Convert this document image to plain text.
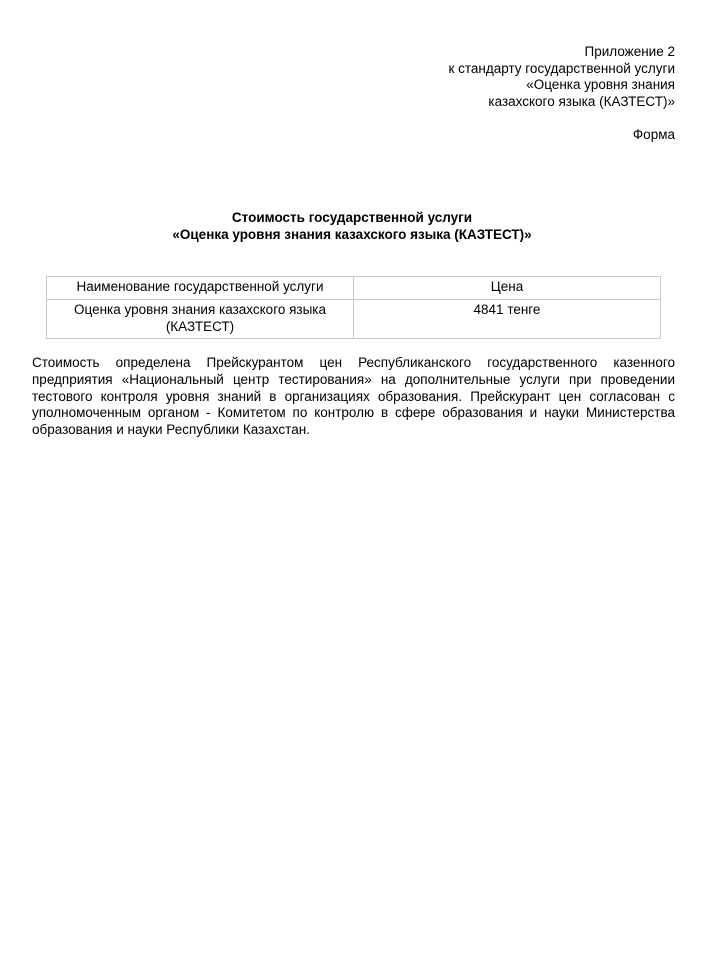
Приложение 2
к стандарту государственной услуги
«Оценка уровня знания
казахского языка (КАЗТЕСТ)»
Форма
Стоимость государственной услуги
«Оценка уровня знания казахского языка (КАЗТЕСТ)»
Наименование государственной услуги	Цена
Оценка уровня знания казахского языка (КАЗТЕСТ)	4841 тенге
Стоимость определена Прейскурантом цен Республиканского государственного казенного предприятия «Национальный центр тестирования» на дополнительные услуги при проведении тестового контроля уровня знаний в организациях образования. Прейскурант цен согласован с уполномоченным органом - Комитетом по контролю в сфере образования и науки Министерства образования и науки Республики Казахстан.
